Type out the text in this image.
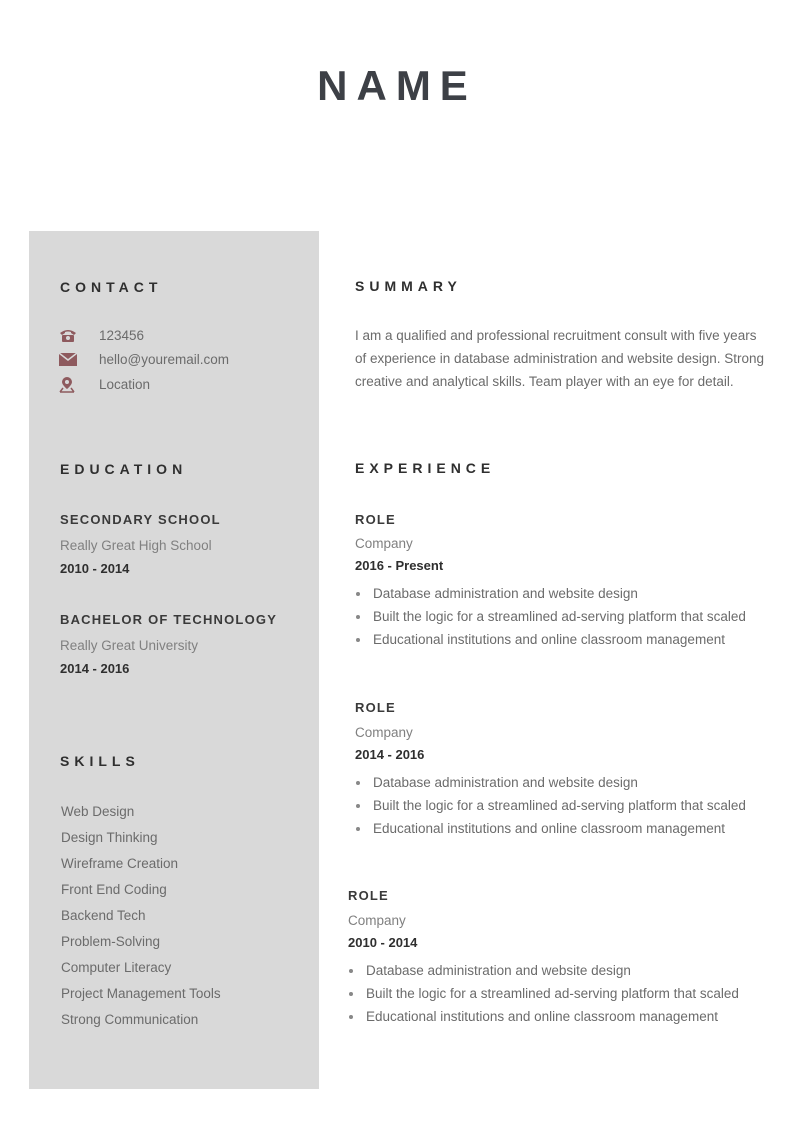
NAME
CONTACT
123456
hello@youremail.com
Location
EDUCATION
SECONDARY SCHOOL
Really Great High School
2010 - 2014
BACHELOR OF TECHNOLOGY
Really Great University
2014 - 2016
SKILLS
Web Design
Design Thinking
Wireframe Creation
Front End Coding
Backend Tech
Problem-Solving
Computer Literacy
Project Management Tools
Strong Communication
SUMMARY
I am a qualified and professional recruitment consult with five years of experience in database administration and website design. Strong creative and analytical skills. Team player with an eye for detail.
EXPERIENCE
ROLE
Company
2016 - Present
Database administration and website design
Built the logic for a streamlined ad-serving platform that scaled
Educational institutions and online classroom management
ROLE
Company
2014 - 2016
Database administration and website design
Built the logic for a streamlined ad-serving platform that scaled
Educational institutions and online classroom management
ROLE
Company
2010 - 2014
Database administration and website design
Built the logic for a streamlined ad-serving platform that scaled
Educational institutions and online classroom management
